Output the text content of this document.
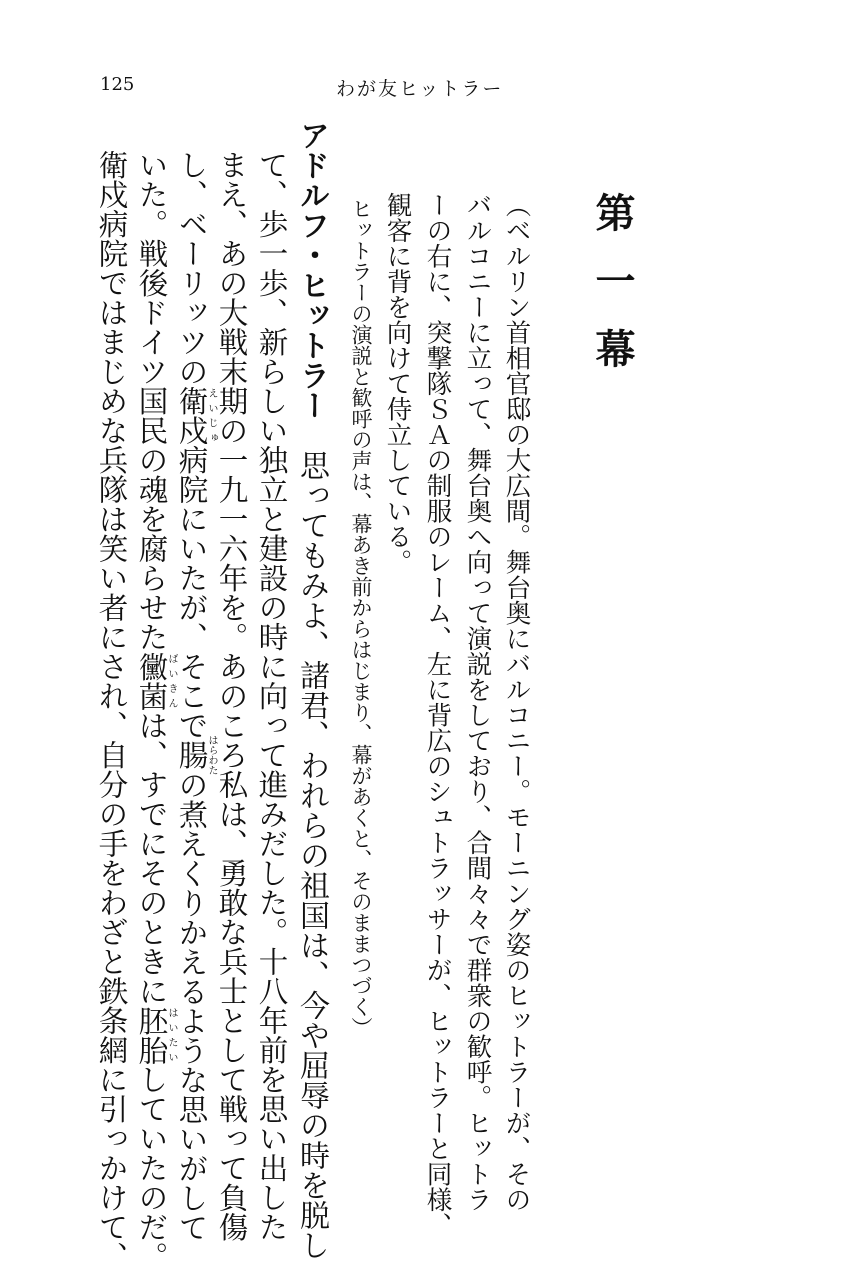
125	わが友ヒットラー
第一幕
（ベルリン首相官邸の大広間。舞台奥にバルコニー。モーニング姿のヒットラーが、その
バルコニーに立って、舞台奥へ向って演説をしており、合間々々で群衆の歓呼。ヒットラ
ーの右に、突撃隊ＳＡの制服のレーム、左に背広のシュトラッサーが、ヒットラーと同様、
観客に背を向けて侍立している。
ヒットラーの演説と歓呼の声は、幕あき前からはじまり、幕があくと、そのままつづく）
アドルフ・ヒットラー　思ってもみよ、諸君、われらの祖国は、今や屈辱の時を脱し
て、歩一歩、新らしい独立と建設の時に向って進みだした。十八年前を思い出した
まえ、あの大戦末期の一九一六年を。あのころ私は、勇敢な兵士として戦って負傷
し、ベーリッツの衛戍えいじゅ病院にいたが、そこで腸はらわたの煮えくりかえるような思いがして
いた。戦後ドイツ国民の魂を腐らせた黴菌ばいきんは、すでにそのときに胚胎はいたいしていたのだ。
衛戍病院ではまじめな兵隊は笑い者にされ、自分の手をわざと鉄条網に引っかけて、
